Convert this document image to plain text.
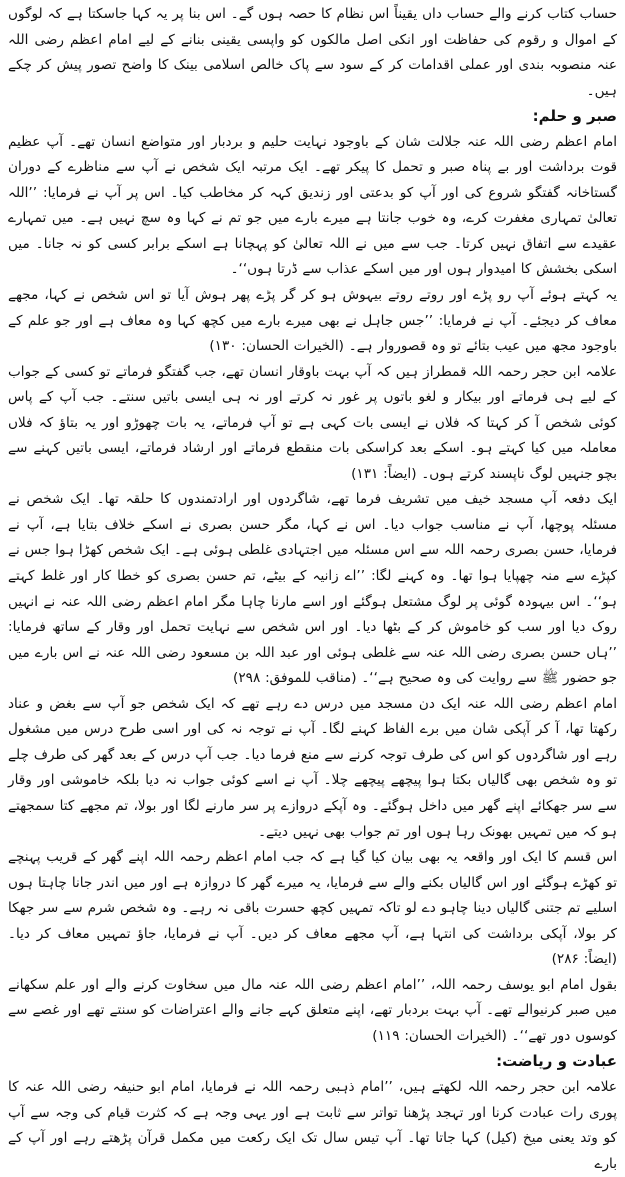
حساب کتاب کرنے والے حساب داں یقیناً اس نظام کا حصہ ہوں گے۔ اس بنا پر یہ کہا جاسکتا ہے کہ لوگوں کے اموال و رقوم کی حفاظت اور انکی اصل مالکوں کو واپسی یقینی بنانے کے لیے امام اعظم رضی اللہ عنہ منصوبہ بندی اور عملی اقدامات کر کے سود سے پاک خالص اسلامی بینک کا واضح تصور پیش کر چکے ہیں۔

صبر و حلم:

امام اعظم رضی اللہ عنہ جلالت شان کے باوجود نہایت حلیم و بردبار اور متواضع انسان تھے۔ آپ عظیم قوت برداشت اور بے پناہ صبر و تحمل کا پیکر تھے۔ ایک مرتبہ ایک شخص نے آپ سے مناظرے کے دوران گستاخانہ گفتگو شروع کی اور آپ کو بدعتی اور زندیق کہہ کر مخاطب کیا۔ اس پر آپ نے فرمایا: ’’اللہ تعالیٰ تمہاری مغفرت کرے، وہ خوب جانتا ہے میرے بارے میں جو تم نے کہا وہ سچ نہیں ہے۔ میں تمہارے عقیدے سے اتفاق نہیں کرتا۔ جب سے میں نے اللہ تعالیٰ کو پہچانا ہے اسکے برابر کسی کو نہ جانا۔ میں اسکی بخشش کا امیدوار ہوں اور میں اسکے عذاب سے ڈرتا ہوں‘‘۔

یہ کہتے ہوئے آپ رو پڑے اور روتے روتے بیہوش ہو کر گر پڑے پھر ہوش آیا تو اس شخص نے کہا، مجھے معاف کر دیجئے۔ آپ نے فرمایا: ’’جس جاہل نے بھی میرے بارے میں کچھ کہا وہ معاف ہے اور جو علم کے باوجود مجھ میں عیب بتائے تو وہ قصوروار ہے۔ (الخیرات الحسان: ۱۳۰)

علامہ ابن حجر رحمہ اللہ قمطراز ہیں کہ آپ بہت باوقار انسان تھے، جب گفتگو فرماتے تو کسی کے جواب کے لیے ہی فرماتے اور بیکار و لغو باتوں پر غور نہ کرتے اور نہ ہی ایسی باتیں سنتے۔ جب آپ کے پاس کوئی شخص آ کر کہتا کہ فلاں نے ایسی بات کہی ہے تو آپ فرماتے، یہ بات چھوڑو اور یہ بتاؤ کہ فلاں معاملہ میں کیا کہتے ہو۔ اسکے بعد کراسکی بات منقطع فرماتے اور ارشاد فرماتے، ایسی باتیں کہنے سے بچو جنہیں لوگ ناپسند کرتے ہوں۔ (ایضاً: ۱۳۱)

ایک دفعہ آپ مسجد خیف میں تشریف فرما تھے، شاگردوں اور ارادتمندوں کا حلقہ تھا۔ ایک شخص نے مسئلہ پوچھا، آپ نے مناسب جواب دیا۔ اس نے کہا، مگر حسن بصری نے اسکے خلاف بتایا ہے، آپ نے فرمایا، حسن بصری رحمہ اللہ سے اس مسئلہ میں اجتہادی غلطی ہوئی ہے۔ ایک شخص کھڑا ہوا جس نے کپڑے سے منہ چھپایا ہوا تھا۔ وہ کہنے لگا: ’’اے زانیہ کے بیٹے، تم حسن بصری کو خطا کار اور غلط کہتے ہو‘‘۔ اس بیہودہ گوئی پر لوگ مشتعل ہوگئے اور اسے مارنا چاہا مگر امام اعظم رضی اللہ عنہ نے انہیں روک دیا اور سب کو خاموش کر کے بٹھا دیا۔ اور اس شخص سے نہایت تحمل اور وقار کے ساتھ فرمایا: ’’ہاں حسن بصری رضی اللہ عنہ سے غلطی ہوئی اور عبد اللہ بن مسعود رضی اللہ عنہ نے اس بارے میں جو حضور ﷺ سے روایت کی وہ صحیح ہے‘‘۔ (مناقب للموفق: ۲۹۸)

امام اعظم رضی اللہ عنہ ایک دن مسجد میں درس دے رہے تھے کہ ایک شخص جو آپ سے بغض و عناد رکھتا تھا، آ کر آپکی شان میں برے الفاظ کہنے لگا۔ آپ نے توجہ نہ کی اور اسی طرح درس میں مشغول رہے اور شاگردوں کو اس کی طرف توجہ کرنے سے منع فرما دیا۔ جب آپ درس کے بعد گھر کی طرف چلے تو وہ شخص بھی گالیاں بکتا ہوا پیچھے پیچھے چلا۔ آپ نے اسے کوئی جواب نہ دیا بلکہ خاموشی اور وقار سے سر جھکائے اپنے گھر میں داخل ہوگئے۔ وہ آپکے دروازے پر سر مارنے لگا اور بولا، تم مجھے کتا سمجھتے ہو کہ میں تمہیں بھونک رہا ہوں اور تم جواب بھی نہیں دیتے۔

اس قسم کا ایک اور واقعہ یہ بھی بیان کیا گیا ہے کہ جب امام اعظم رحمہ اللہ اپنے گھر کے قریب پہنچے تو کھڑے ہوگئے اور اس گالیاں بکنے والے سے فرمایا، یہ میرے گھر کا دروازہ ہے اور میں اندر جانا چاہتا ہوں اسلیے تم جتنی گالیاں دینا چاہو دے لو تاکہ تمہیں کچھ حسرت باقی نہ رہے۔ وہ شخص شرم سے سر جھکا کر بولا، آپکی برداشت کی انتہا ہے، آپ مجھے معاف کر دیں۔ آپ نے فرمایا، جاؤ تمہیں معاف کر دیا۔ (ایضاً: ۲۸۶)

بقول امام ابو یوسف رحمہ اللہ، ’’امام اعظم رضی اللہ عنہ مال میں سخاوت کرنے والے اور علم سکھانے میں صبر کرنیوالے تھے۔ آپ بہت بردبار تھے، اپنے متعلق کہے جانے والے اعتراضات کو سنتے تھے اور غصے سے کوسوں دور تھے‘‘۔ (الخیرات الحسان: ۱۱۹)

عبادت و ریاضت:

علامہ ابن حجر رحمہ اللہ لکھتے ہیں، ’’امام ذہبی رحمہ اللہ نے فرمایا، امام ابو حنیفہ رضی اللہ عنہ کا پوری رات عبادت کرنا اور تہجد پڑھنا تواتر سے ثابت ہے اور یہی وجہ ہے کہ کثرت قیام کی وجہ سے آپ کو وتد یعنی میخ (کیل) کہا جاتا تھا۔ آپ تیس سال تک ایک رکعت میں مکمل قرآن پڑھتے رہے اور آپ کے بارے
